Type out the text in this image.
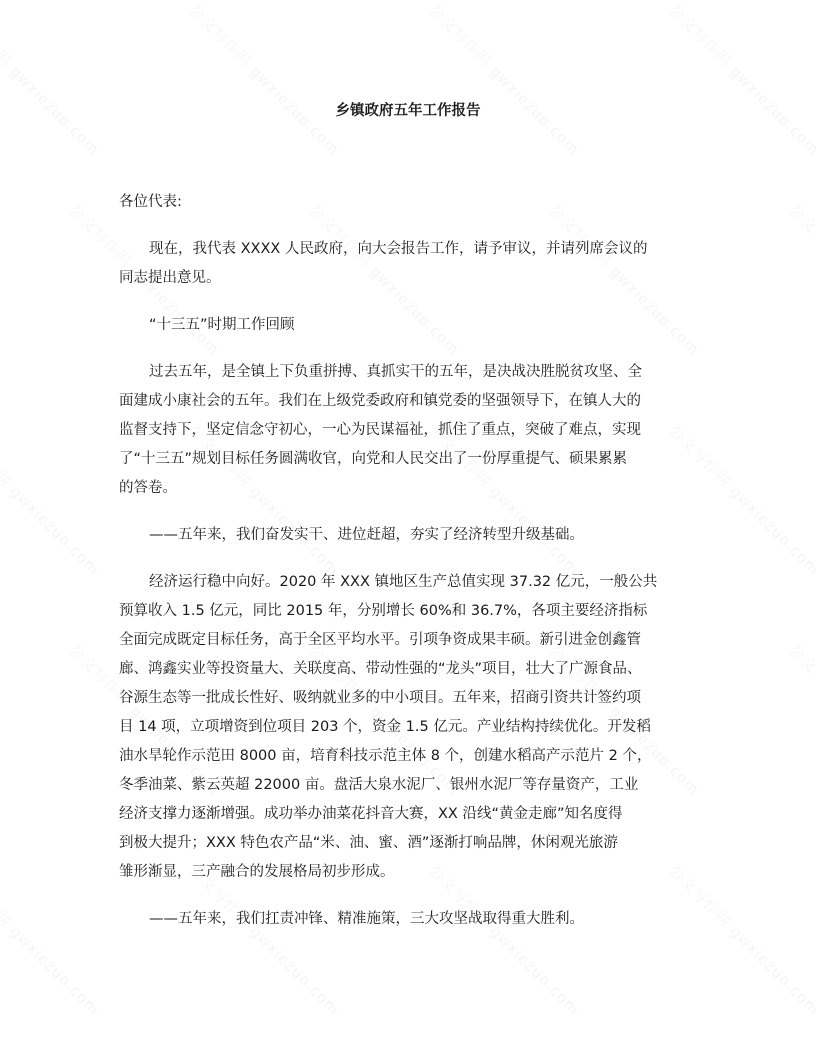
乡镇政府五年工作报告
各位代表:
现在，我代表 XXXX 人民政府，向大会报告工作，请予审议，并请列席会议的
同志提出意见。
“十三五”时期工作回顾
过去五年，是全镇上下负重拼搏、真抓实干的五年，是决战决胜脱贫攻坚、全
面建成小康社会的五年。我们在上级党委政府和镇党委的坚强领导下，在镇人大的
监督支持下，坚定信念守初心，一心为民谋福祉，抓住了重点，突破了难点，实现
了“十三五”规划目标任务圆满收官，向党和人民交出了一份厚重提气、硕果累累
的答卷。
——五年来，我们奋发实干、进位赶超，夯实了经济转型升级基础。
经济运行稳中向好。2020 年 XXX 镇地区生产总值实现 37.32 亿元，一般公共
预算收入 1.5 亿元，同比 2015 年，分别增长 60%和 36.7%，各项主要经济指标
全面完成既定目标任务，高于全区平均水平。引项争资成果丰硕。新引进金创鑫管
廊、鸿鑫实业等投资量大、关联度高、带动性强的“龙头”项目，壮大了广源食品、
谷源生态等一批成长性好、吸纳就业多的中小项目。五年来，招商引资共计签约项
目 14 项，立项增资到位项目 203 个，资金 1.5 亿元。产业结构持续优化。开发稻
油水旱轮作示范田 8000 亩，培育科技示范主体 8 个，创建水稻高产示范片 2 个，
冬季油菜、紫云英超 22000 亩。盘活大泉水泥厂、银州水泥厂等存量资产，工业
经济支撑力逐渐增强。成功举办油菜花抖音大赛，XX 沿线“黄金走廊”知名度得
到极大提升；XXX 特色农产品“米、油、蜜、酒”逐渐打响品牌，休闲观光旅游
雏形渐显，三产融合的发展格局初步形成。
——五年来，我们扛责冲锋、精准施策，三大攻坚战取得重大胜利。
